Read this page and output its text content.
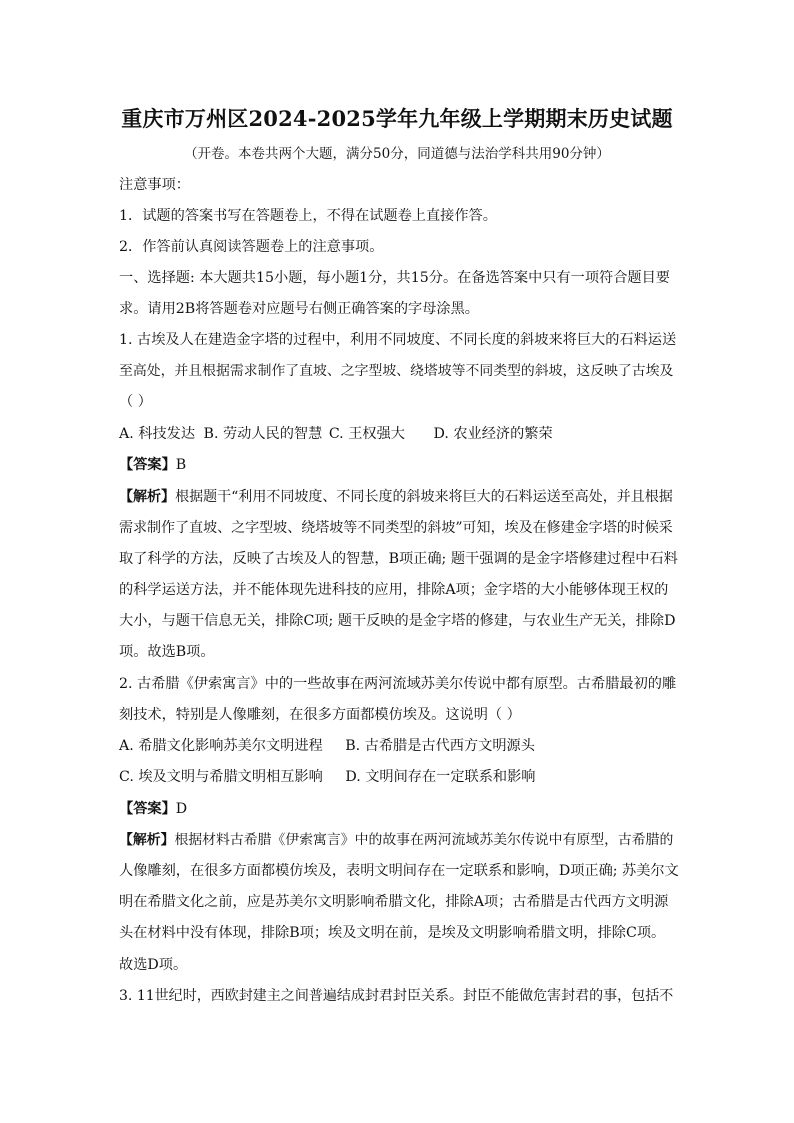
重庆市万州区2024-2025学年九年级上学期期末历史试题
（开卷。本卷共两个大题，满分50分，同道德与法治学科共用90分钟）
注意事项：
1．试题的答案书写在答题卷上，不得在试题卷上直接作答。
2．作答前认真阅读答题卷上的注意事项。
一、选择题: 本大题共15小题，每小题1分，共15分。在备选答案中只有一项符合题目要
求。请用2B将答题卷对应题号右侧正确答案的字母涂黑。
1. 古埃及人在建造金字塔的过程中，利用不同坡度、不同长度的斜坡来将巨大的石料运送
至高处，并且根据需求制作了直坡、之字型坡、绕塔坡等不同类型的斜坡，这反映了古埃及
（ ）
A. 科技发达 B. 劳动人民的智慧 C. 王权强大 D. 农业经济的繁荣
【答案】B
【解析】根据题干“利用不同坡度、不同长度的斜坡来将巨大的石料运送至高处，并且根据
需求制作了直坡、之字型坡、绕塔坡等不同类型的斜坡”可知，埃及在修建金字塔的时候采
取了科学的方法，反映了古埃及人的智慧，B项正确; 题干强调的是金字塔修建过程中石料
的科学运送方法，并不能体现先进科技的应用，排除A项；金字塔的大小能够体现王权的
大小，与题干信息无关，排除C项; 题干反映的是金字塔的修建，与农业生产无关，排除D
项。故选B项。
2. 古希腊《伊索寓言》中的一些故事在两河流域苏美尔传说中都有原型。古希腊最初的雕
刻技术，特别是人像雕刻，在很多方面都模仿埃及。这说明（ ）
A. 希腊文化影响苏美尔文明进程 B. 古希腊是古代西方文明源头
C. 埃及文明与希腊文明相互影响 D. 文明间存在一定联系和影响
【答案】D
【解析】根据材料古希腊《伊索寓言》中的故事在两河流域苏美尔传说中有原型，古希腊的
人像雕刻，在很多方面都模仿埃及，表明文明间存在一定联系和影响，D项正确; 苏美尔文
明在希腊文化之前，应是苏美尔文明影响希腊文化，排除A项；古希腊是古代西方文明源
头在材料中没有体现，排除B项；埃及文明在前，是埃及文明影响希腊文明，排除C项。
故选D项。
3. 11世纪时，西欧封建主之间普遍结成封君封臣关系。封臣不能做危害封君的事，包括不
